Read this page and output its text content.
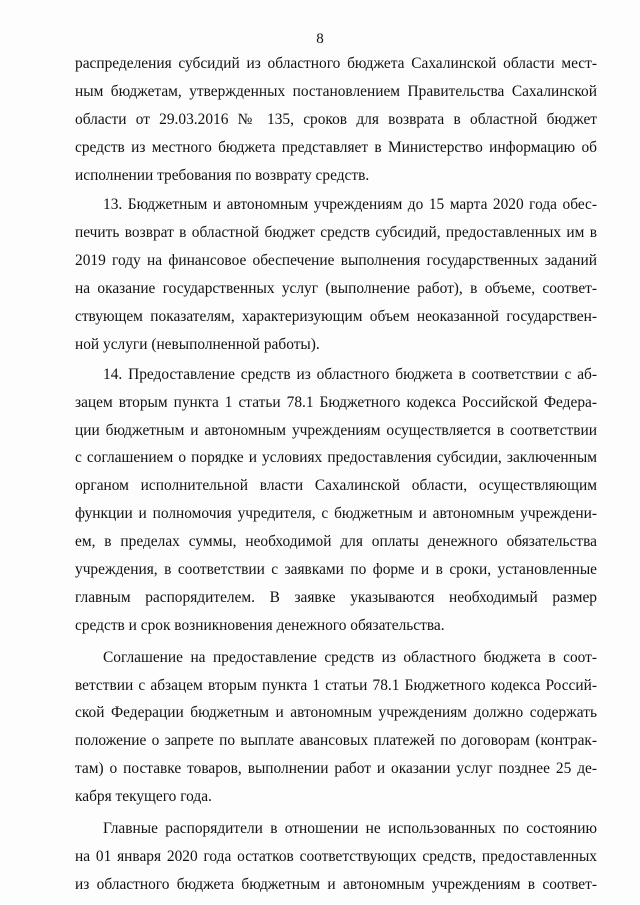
8
распределения субсидий из областного бюджета Сахалинской области мест-
ным бюджетам, утвержденных постановлением Правительства Сахалинской
области от 29.03.2016 № 135, сроков для возврата в областной бюджет
средств из местного бюджета представляет в Министерство информацию об
исполнении требования по возврату средств.
13. Бюджетным и автономным учреждениям до 15 марта 2020 года обес-
печить возврат в областной бюджет средств субсидий, предоставленных им в
2019 году на финансовое обеспечение выполнения государственных заданий
на оказание государственных услуг (выполнение работ), в объеме, соответ-
ствующем показателям, характеризующим объем неоказанной государствен-
ной услуги (невыполненной работы).
14. Предоставление средств из областного бюджета в соответствии с аб-
зацем вторым пункта 1 статьи 78.1 Бюджетного кодекса Российской Федера-
ции бюджетным и автономным учреждениям осуществляется в соответствии
с соглашением о порядке и условиях предоставления субсидии, заключенным
органом исполнительной власти Сахалинской области, осуществляющим
функции и полномочия учредителя, с бюджетным и автономным учреждени-
ем, в пределах суммы, необходимой для оплаты денежного обязательства
учреждения, в соответствии с заявками по форме и в сроки, установленные
главным распорядителем. В заявке указываются необходимый размер
средств и срок возникновения денежного обязательства.
Соглашение на предоставление средств из областного бюджета в соот-
ветствии с абзацем вторым пункта 1 статьи 78.1 Бюджетного кодекса Россий-
ской Федерации бюджетным и автономным учреждениям должно содержать
положение о запрете по выплате авансовых платежей по договорам (контрак-
там) о поставке товаров, выполнении работ и оказании услуг позднее 25 де-
кабря текущего года.
Главные распорядители в отношении не использованных по состоянию
на 01 января 2020 года остатков соответствующих средств, предоставленных
из областного бюджета бюджетным и автономным учреждениям в соответ-
